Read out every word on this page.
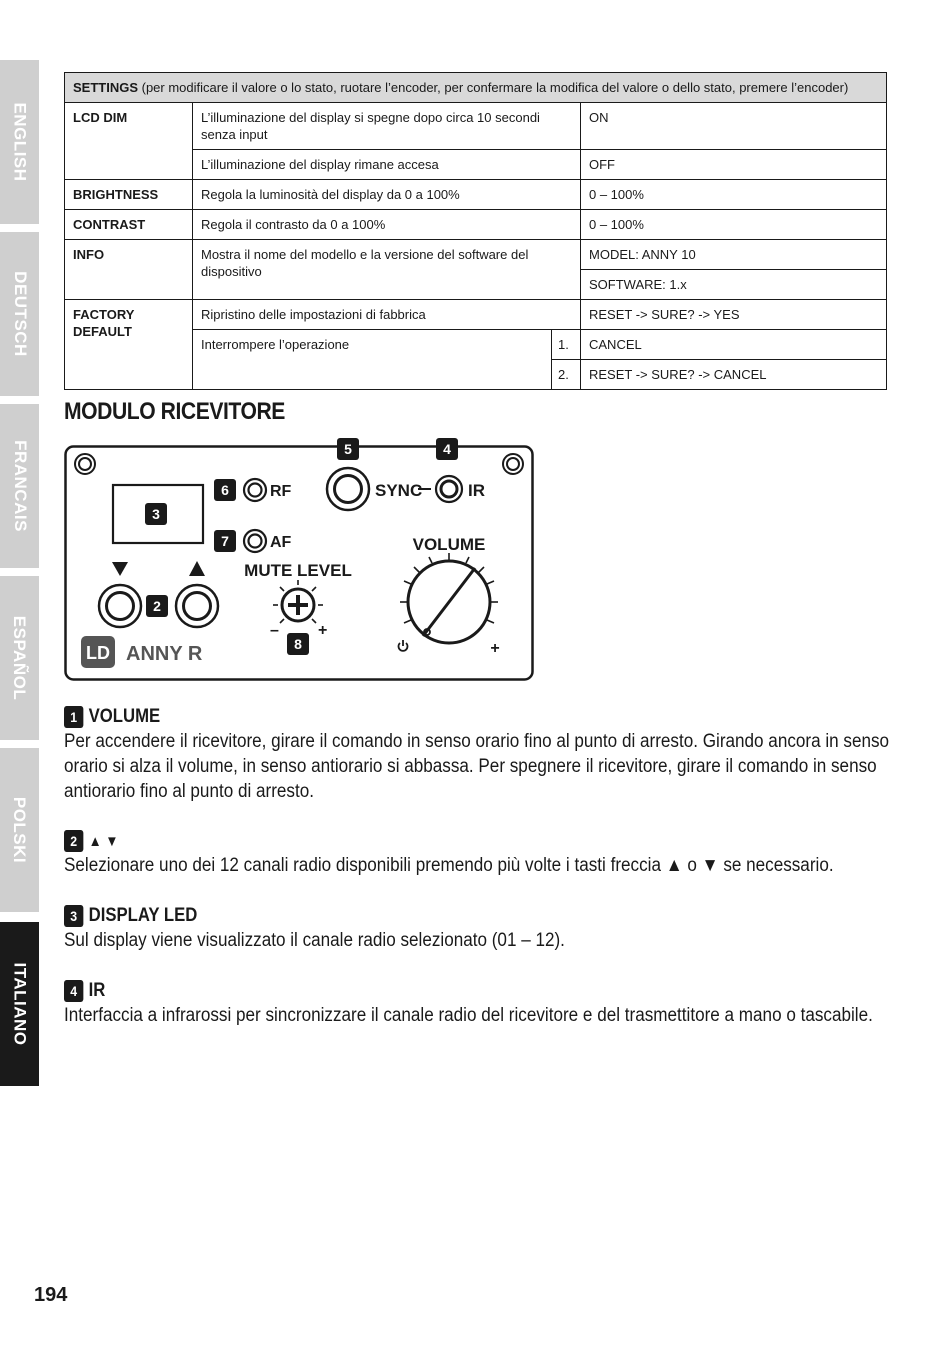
ENGLISH
DEUTSCH
FRANCAIS
ESPAÑOL
POLSKI
ITALIANO
SETTINGS (per modificare il valore o lo stato, ruotare l’encoder, per confermare la modifica del valore o dello stato, premere l’encoder)			
LCD DIM	L’illuminazione del display si spegne dopo circa 10 secondi senza input		ON
	L’illuminazione del display rimane accesa		OFF
BRIGHTNESS	Regola la luminosità del display da 0 a 100%		0 – 100%
CONTRAST	Regola il contrasto da 0 a 100%		0 – 100%
INFO	Mostra il nome del modello e la versione del software del dispositivo		MODEL: ANNY 10
			SOFTWARE: 1.x
FACTORY DEFAULT	Ripristino delle impostazioni di fabbrica		RESET -> SURE? -> YES
	Interrompere l’operazione	1.	CANCEL
		2.	RESET -> SURE? -> CANCEL
MODULO RICEVITORE
3
6
7
5	4
2
8
RF
AF
SYNC	IR
MUTE LEVEL
– +
VOLUME
+
LD ANNY R
1 VOLUME

Per accendere il ricevitore, girare il comando in senso orario fino al punto di arresto. Girando ancora in senso orario si alza il volume, in senso antiorario si abbassa. Per spegnere il ricevitore, girare il comando in senso antiorario fino al punto di arresto.

2 ▲ ▼

Selezionare uno dei 12 canali radio disponibili premendo più volte i tasti freccia ▲ o ▼ se necessario.

3 DISPLAY LED

Sul display viene visualizzato il canale radio selezionato (01 – 12).

4 IR

Interfaccia a infrarossi per sincronizzare il canale radio del ricevitore e del trasmettitore a mano o tascabile.

194
